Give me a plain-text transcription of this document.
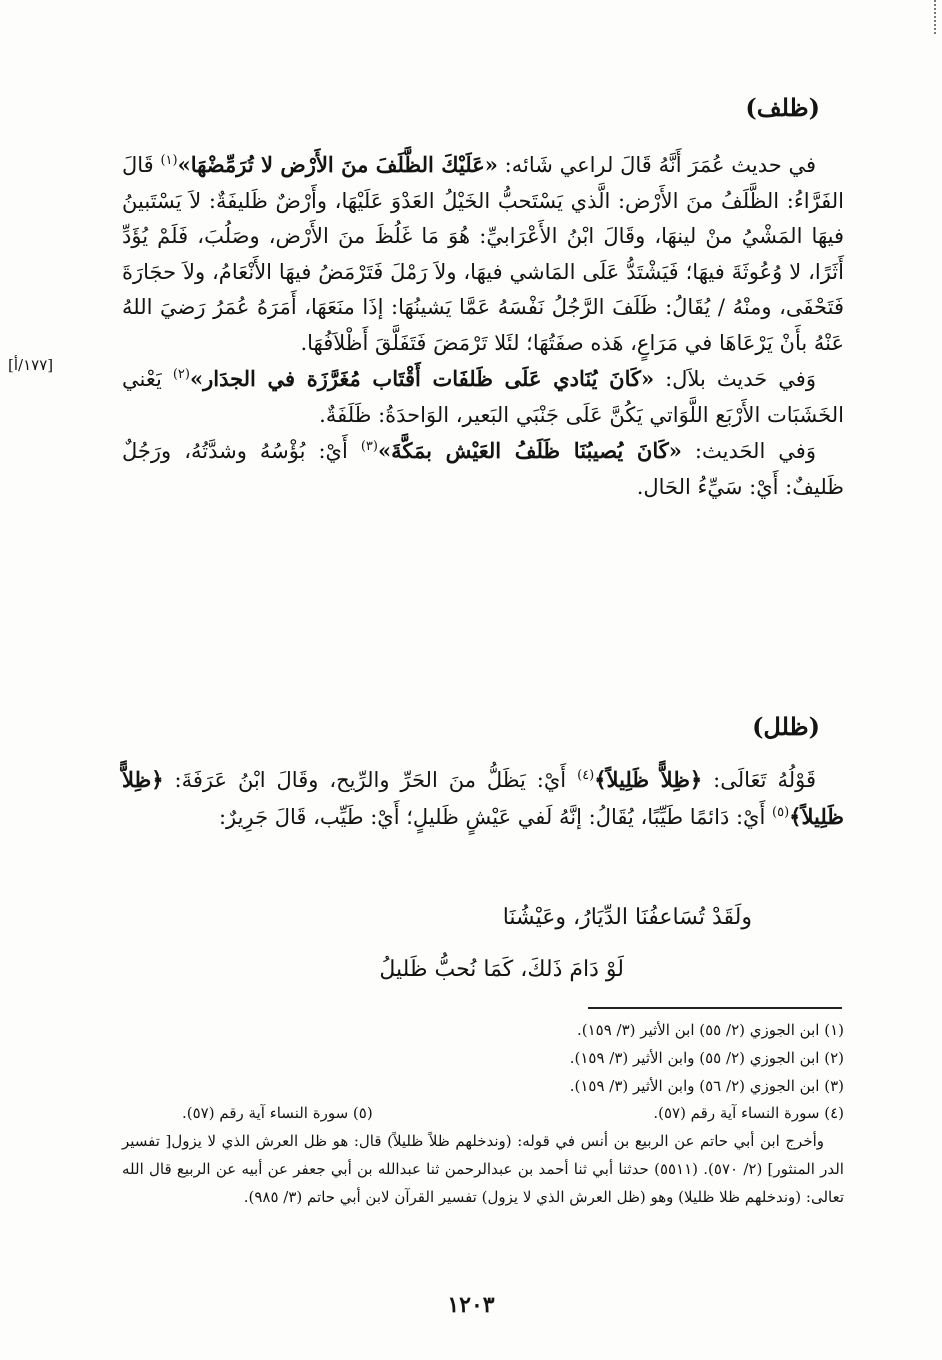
(ظلف)

في حديث عُمَرَ أَنَّهُ قَالَ لراعي شَائه: «عَلَيْكَ الظَّلَفَ منَ الأَرْض لا تُرَمِّضْهَا»$^{(١)}$ قَالَ الفَرَّاءُ: الظَّلَفُ منَ الأَرْض: الَّذي يَسْتَحبُّ الخَيْلُ العَدْوَ عَلَيْهَا، وأَرْضٌ ظَليفَةٌ: لاَ يَسْتَبينُ فيهَا المَشْيُ منْ لينهَا، وقَالَ ابْنُ الأَعْرَابيِّ: هُوَ مَا غَلُظَ منَ الأَرْض، وصَلُبَ، فَلَمْ يُؤَدِّ أَثَرًا، لا وُعُوثَةَ فيهَا؛ فَيَشْتَدُّ عَلَى المَاشي فيهَا، ولاَ رَمْلَ فَتَرْمَضُ فيهَا الأَنْعَامُ، ولاَ حجَارَةَ فَتَحْفَى، ومنْهُ / يُقَالُ: ظَلَفَ الرَّجُلُ نَفْسَهُ عَمَّا يَشينُهَا: إذَا منَعَهَا، أَمَرَهُ عُمَرُ رَضيَ اللهُ عَنْهُ بأَنْ يَرْعَاهَا في مَرَاعٍ، هَذه صفَتُهَا؛ لئَلا تَرْمَضَ فَتَفَلَّقَ أَظْلاَفُهَا.

وَفي حَديث بلاَل: «كَانَ يُنَادي عَلَى ظَلفَات أَقْتَاب مُغَرَّزَة في الجدَار»$^{(٢)}$ يَعْني الخَشَبَات الأَرْبَع اللَّوَاتي يَكُنَّ عَلَى جَنْبَي البَعير، الوَاحدَةُ: ظَلَفَةٌ.

وَفي الحَديث: «كَانَ يُصيبُنَا ظَلَفُ العَيْش بمَكَّةَ»$^{(٣)}$ أَيْ: بُؤْسُهُ وشدَّتُهُ، ورَجُلٌ ظَليفٌ: أَيْ: سَيِّءُ الحَال.

[١٧٧/أ]
(ظلل)

قَوْلُهُ تَعَالَى: ﴿ظِلاًّ ظَلِيلاً﴾$^{(٤)}$ أَيْ: يَظَلُّ منَ الحَرِّ والرِّيح، وقَالَ ابْنُ عَرَفَةَ: ﴿ظِلاًّ ظَلِيلاً﴾$^{(٥)}$ أَيْ: دَائمًا طَيِّبًا، يُقَالُ: إنَّهُ لَفي عَيْشٍ ظَليلٍ؛ أَيْ: طَيِّب، قَالَ جَرِيرٌ:

ولَقَدْ تُسَاعفُنَا الدِّيَارُ، وعَيْشُنَا
لَوْ دَامَ ذَلكَ، كَمَا نُحبُّ ظَليلُ

(١) ابن الجوزي (٢/ ٥٥) ابن الأثير (٣/ ١٥٩).

(٢) ابن الجوزي (٢/ ٥٥) وابن الأثير (٣/ ١٥٩).

(٣) ابن الجوزي (٢/ ٥٦) وابن الأثير (٣/ ١٥٩).

(٤) سورة النساء آية رقم (٥٧).
(٥) سورة النساء آية رقم (٥٧).

وأخرج ابن أبي حاتم عن الربيع بن أنس في قوله: (وندخلهم ظلاً ظليلاً) قال: هو ظل العرش الذي لا يزول[ تفسير الدر المنثور] (٢/ ٥٧٠). (٥٥١١) حدثنا أبي ثنا أحمد بن عبدالرحمن ثنا عبدالله بن أبي جعفر عن أبيه عن الربيع قال الله تعالى: (وندخلهم ظلا ظليلا) وهو (ظل العرش الذي لا يزول) تفسير القرآن لابن أبي حاتم (٣/ ٩٨٥).

١٢٠٣
